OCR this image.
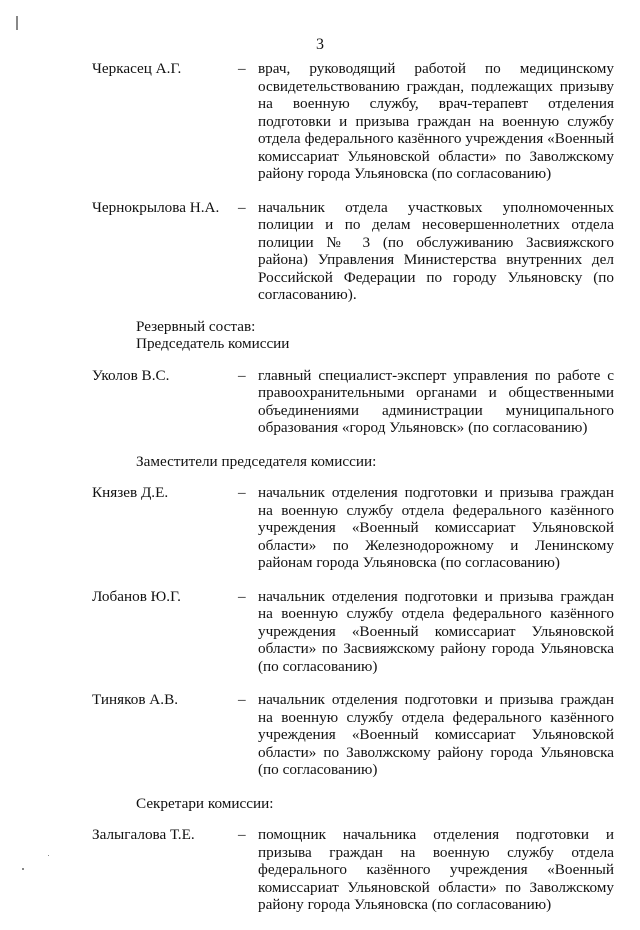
3
Черкасец А.Г.	– врач, руководящий работой по медицинскому освидетельствованию граждан, подлежащих призыву на военную службу, врач-терапевт отделения подготовки и призыва граждан на военную службу отдела федерального казённого учреждения «Военный комиссариат Ульяновской области» по Заволжскому району города Ульяновска (по согласованию)
Чернокрылова Н.А. – начальник отдела участковых уполномоченных полиции и по делам несовершеннолетних отдела полиции № 3 (по обслуживанию Засвияжского района) Управления Министерства внутренних дел Российской Федерации по городу Ульяновску (по согласованию).

Резервный состав:

Председатель комиссии

Уколов В.С.	– главный специалист-эксперт управления по работе с правоохранительными органами и общественными объединениями администрации муниципального образования «город Ульяновск» (по согласованию)

Заместители председателя комиссии:

Князев Д.Е.	– начальник отделения подготовки и призыва граждан на военную службу отдела федерального казённого учреждения «Военный комиссариат Ульяновской области» по Железнодорожному и Ленинскому районам города Ульяновска (по согласованию)
Лобанов Ю.Г.	– начальник отделения подготовки и призыва граждан на военную службу отдела федерального казённого учреждения «Военный комиссариат Ульяновской области» по Засвияжскому району города Ульяновска (по согласованию)
Тиняков А.В.	– начальник отделения подготовки и призыва граждан на военную службу отдела федерального казённого учреждения «Военный комиссариат Ульяновской области» по Заволжскому району города Ульяновска (по согласованию)

Секретари комиссии:

Залыгалова Т.Е.	– помощник начальника отделения подготовки и призыва граждан на военную службу отдела федерального казённого учреждения «Военный комиссариат Ульяновской области» по Заволжскому району города Ульяновска (по согласованию)
